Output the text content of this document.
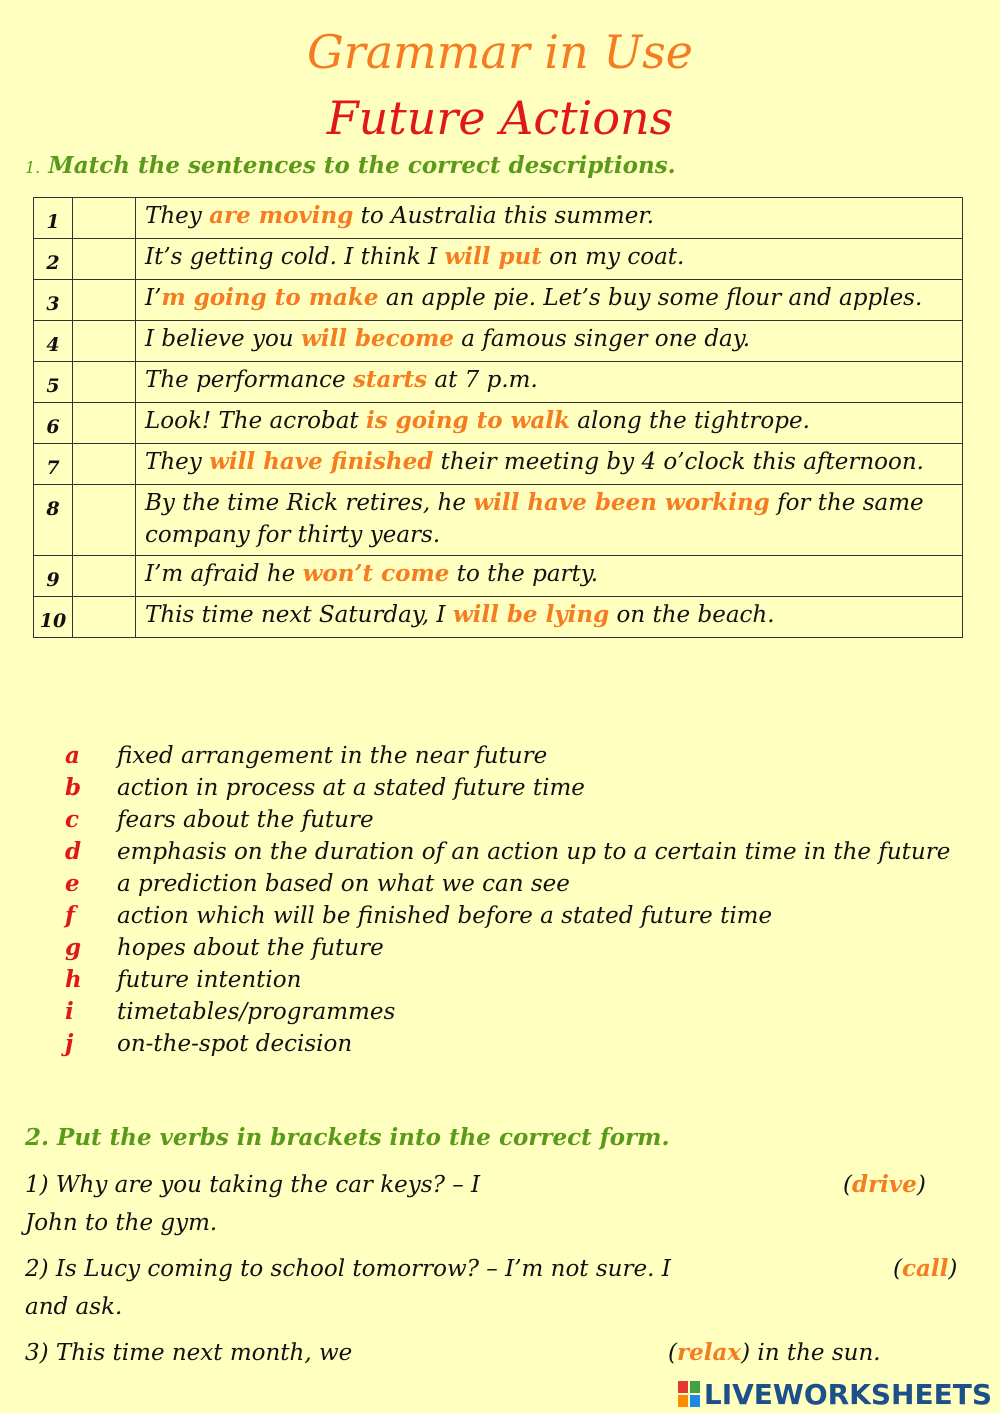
Grammar in Use
Future Actions
1. Match the sentences to the correct descriptions.
1		They are moving to Australia this summer.
2		It’s getting cold. I think I will put on my coat.
3		I’m going to make an apple pie. Let’s buy some flour and apples.
4		I believe you will become a famous singer one day.
5		The performance starts at 7 p.m.
6		Look! The acrobat is going to walk along the tightrope.
7		They will have finished their meeting by 4 o’clock this afternoon.
8		By the time Rick retires, he will have been working for the same company for thirty years.
9		I’m afraid he won’t come to the party.
10		This time next Saturday, I will be lying on the beach.
a	fixed arrangement in the near future
b	action in process at a stated future time
c	fears about the future
d	emphasis on the duration of an action up to a certain time in the future
e	a prediction based on what we can see
f	action which will be finished before a stated future time
g	hopes about the future
h	future intention
i	timetables/programmes
j	on-the-spot decision
2. Put the verbs in brackets into the correct form.
1) Why are you taking the car keys? – I	(drive)
John to the gym.
2) Is Lucy coming to school tomorrow? – I’m not sure. I	(call)
and ask.
3) This time next month, we	(relax) in the sun.
LIVEWORKSHEETS
